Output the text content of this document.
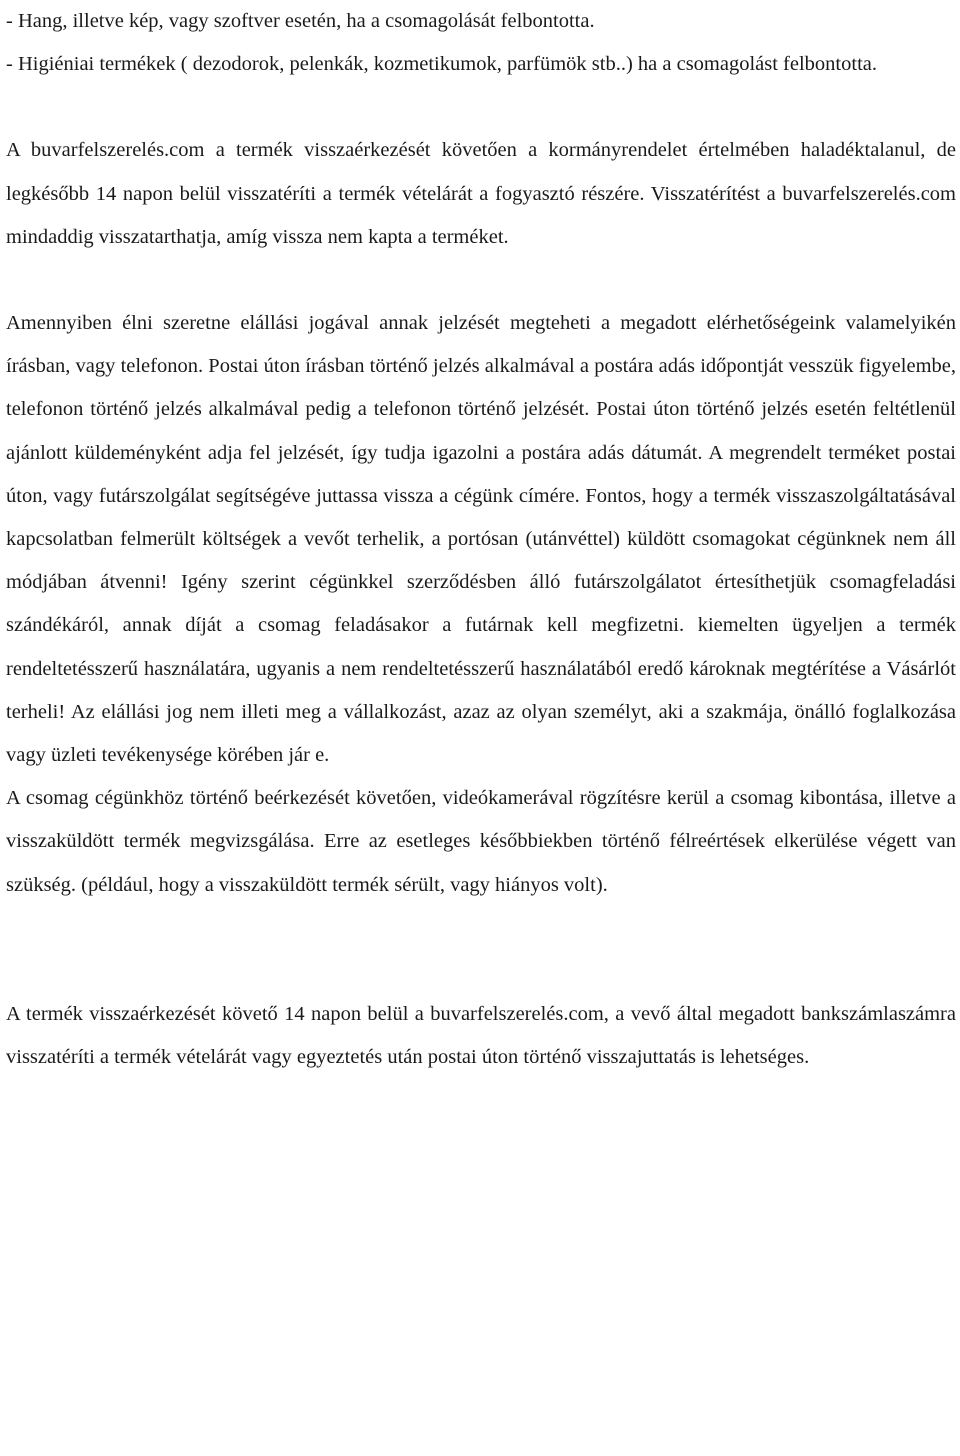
- Hang, illetve kép, vagy szoftver esetén, ha a csomagolását felbontotta.

- Higiéniai termékek ( dezodorok, pelenkák, kozmetikumok, parfümök stb..) ha a csomagolást felbontotta.

A buvarfelszerelés.com a termék visszaérkezését követően a kormányrendelet értelmében haladéktalanul, de legkésőbb 14 napon belül visszatéríti a termék vételárát a fogyasztó részére. Visszatérítést a buvarfelszerelés.com mindaddig visszatarthatja, amíg vissza nem kapta a terméket.

Amennyiben élni szeretne elállási jogával annak jelzését megteheti a megadott elérhetőségeink valamelyikén írásban, vagy telefonon. Postai úton írásban történő jelzés alkalmával a postára adás időpontját vesszük figyelembe, telefonon történő jelzés alkalmával pedig a telefonon történő jelzését. Postai úton történő jelzés esetén feltétlenül ajánlott küldeményként adja fel jelzését, így tudja igazolni a postára adás dátumát. A megrendelt terméket postai úton, vagy futárszolgálat segítségéve juttassa vissza a cégünk címére. Fontos, hogy a termék visszaszolgáltatásával kapcsolatban felmerült költségek a vevőt terhelik, a portósan (utánvéttel) küldött csomagokat cégünknek nem áll módjában átvenni! Igény szerint cégünkkel szerződésben álló futárszolgálatot értesíthetjük csomagfeladási szándékáról, annak díját a csomag feladásakor a futárnak kell megfizetni. kiemelten ügyeljen a termék rendeltetésszerű használatára, ugyanis a nem rendeltetésszerű használatából eredő károknak megtérítése a Vásárlót terheli! Az elállási jog nem illeti meg a vállalkozást, azaz az olyan személyt, aki a szakmája, önálló foglalkozása vagy üzleti tevékenysége körében jár e.

A csomag cégünkhöz történő beérkezését követően, videókamerával rögzítésre kerül a csomag kibontása, illetve a visszaküldött termék megvizsgálása. Erre az esetleges későbbiekben történő félreértések elkerülése végett van szükség. (például, hogy a visszaküldött termék sérült, vagy hiányos volt).

A termék visszaérkezését követő 14 napon belül a buvarfelszerelés.com, a vevő által megadott bankszámlaszámra visszatéríti a termék vételárát vagy egyeztetés után postai úton történő visszajuttatás is lehetséges.
